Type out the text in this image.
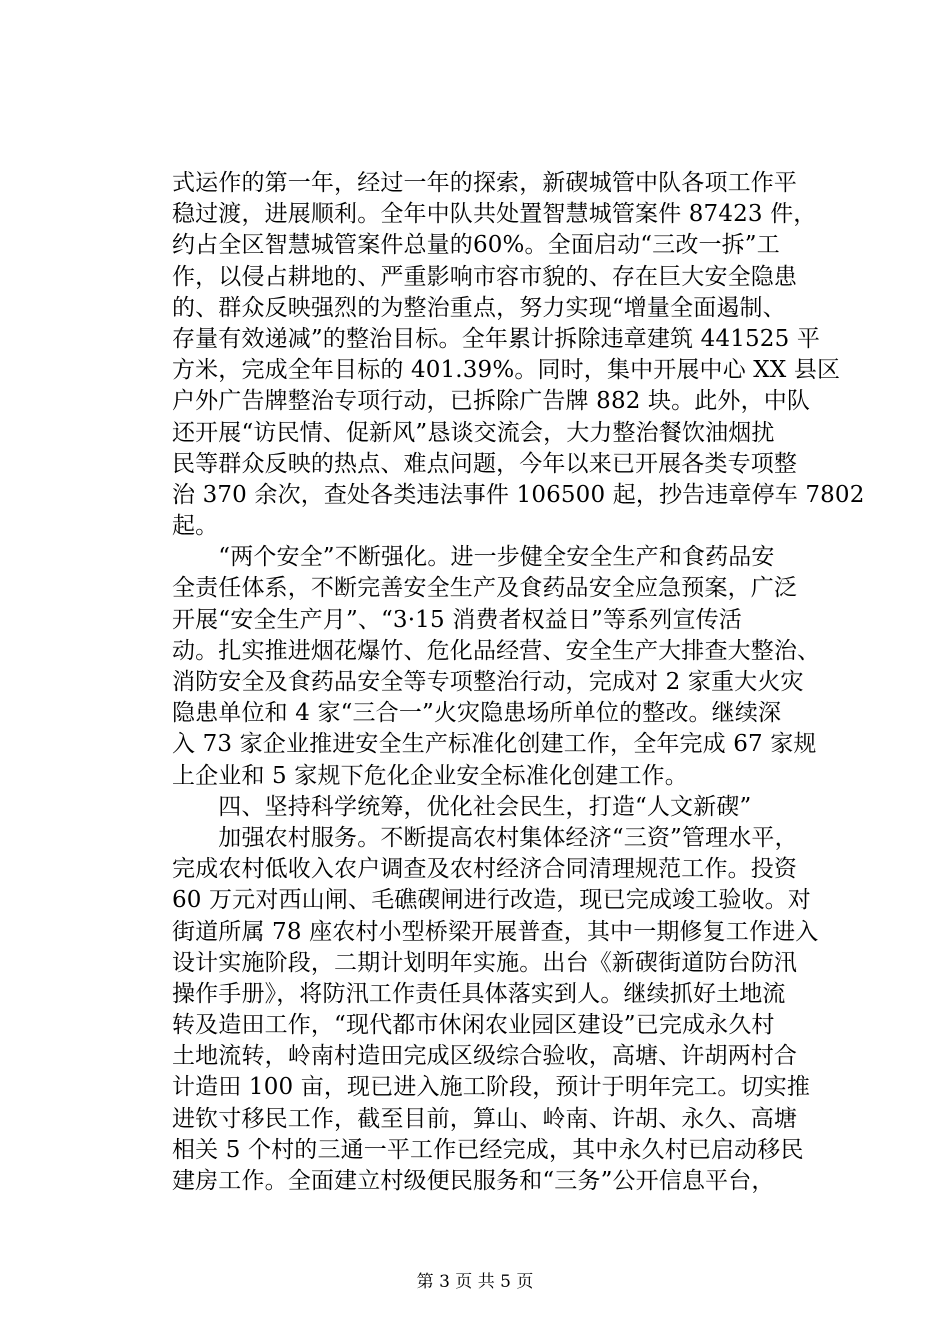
式运作的第一年，经过一年的探索，新碶城管中队各项工作平
稳过渡，进展顺利。全年中队共处置智慧城管案件 87423 件，
约占全区智慧城管案件总量的60%。全面启动“三改一拆”工
作，以侵占耕地的、严重影响市容市貌的、存在巨大安全隐患
的、群众反映强烈的为整治重点，努力实现“增量全面遏制、
存量有效递减”的整治目标。全年累计拆除违章建筑 441525 平
方米，完成全年目标的 401.39%。同时，集中开展中心 XX 县区
户外广告牌整治专项行动，已拆除广告牌 882 块。此外，中队
还开展“访民情、促新风”恳谈交流会，大力整治餐饮油烟扰
民等群众反映的热点、难点问题，今年以来已开展各类专项整
治 370 余次，查处各类违法事件 106500 起，抄告违章停车 7802
起。
　　“两个安全”不断强化。进一步健全安全生产和食药品安
全责任体系，不断完善安全生产及食药品安全应急预案，广泛
开展“安全生产月”、“3·15 消费者权益日”等系列宣传活
动。扎实推进烟花爆竹、危化品经营、安全生产大排查大整治、
消防安全及食药品安全等专项整治行动，完成对 2 家重大火灾
隐患单位和 4 家“三合一”火灾隐患场所单位的整改。继续深
入 73 家企业推进安全生产标准化创建工作，全年完成 67 家规
上企业和 5 家规下危化企业安全标准化创建工作。
　　四、坚持科学统筹，优化社会民生，打造“人文新碶”
　　加强农村服务。不断提高农村集体经济“三资”管理水平，
完成农村低收入农户调查及农村经济合同清理规范工作。投资
60 万元对西山闸、毛礁碶闸进行改造，现已完成竣工验收。对
街道所属 78 座农村小型桥梁开展普查，其中一期修复工作进入
设计实施阶段，二期计划明年实施。出台《新碶街道防台防汛
操作手册》，将防汛工作责任具体落实到人。继续抓好土地流
转及造田工作，“现代都市休闲农业园区建设”已完成永久村
土地流转，岭南村造田完成区级综合验收，高塘、许胡两村合
计造田 100 亩，现已进入施工阶段，预计于明年完工。切实推
进钦寸移民工作，截至目前，算山、岭南、许胡、永久、高塘
相关 5 个村的三通一平工作已经完成，其中永久村已启动移民
建房工作。全面建立村级便民服务和“三务”公开信息平台，
第 3 页 共 5 页
